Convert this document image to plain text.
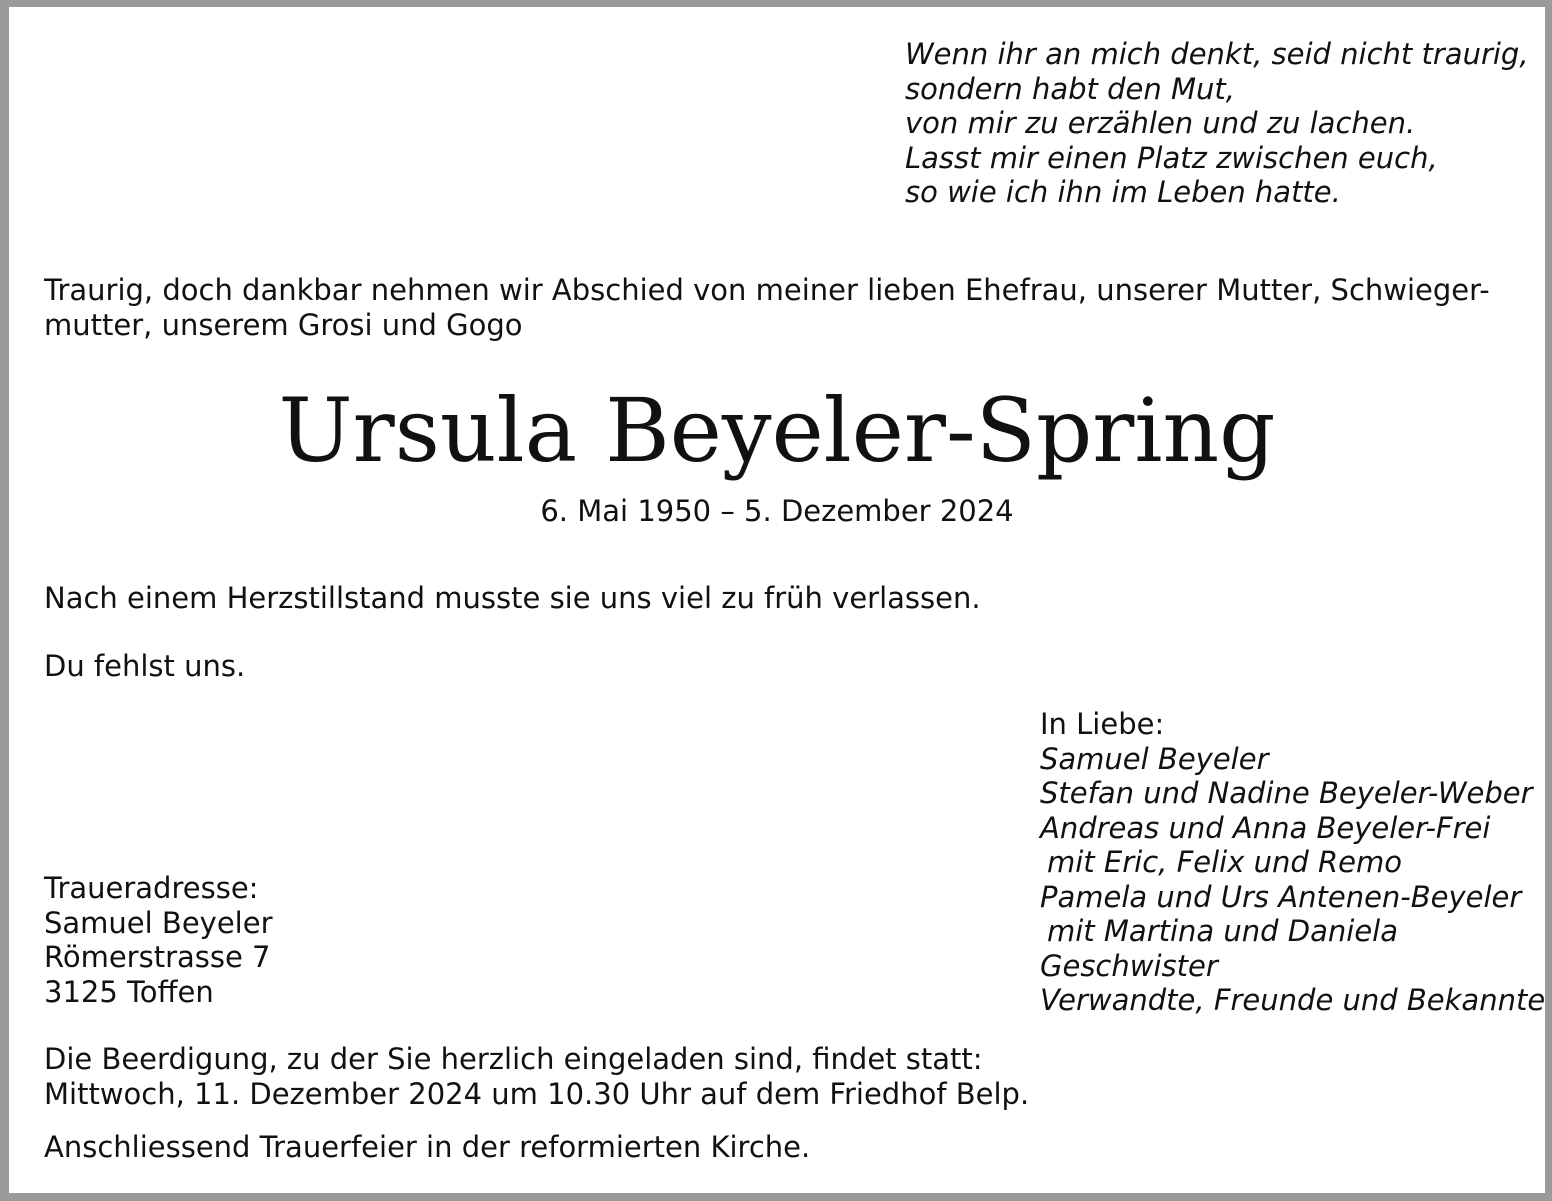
Wenn ihr an mich denkt, seid nicht traurig,
sondern habt den Mut,
von mir zu erzählen und zu lachen.
Lasst mir einen Platz zwischen euch,
so wie ich ihn im Leben hatte.
Traurig, doch dankbar nehmen wir Abschied von meiner lieben Ehefrau, unserer Mutter, Schwieger-
mutter, unserem Grosi und Gogo
Ursula Beyeler-Spring
6. Mai 1950 – 5. Dezember 2024
Nach einem Herzstillstand musste sie uns viel zu früh verlassen.
Du fehlst uns.
In Liebe:
Samuel Beyeler
Stefan und Nadine Beyeler-Weber
Andreas und Anna Beyeler-Frei
mit Eric, Felix und Remo
Pamela und Urs Antenen-Beyeler
mit Martina und Daniela
Geschwister
Verwandte, Freunde und Bekannte
Traueradresse:
Samuel Beyeler
Römerstrasse 7
3125 Toffen
Die Beerdigung, zu der Sie herzlich eingeladen sind, findet statt:
Mittwoch, 11. Dezember 2024 um 10.30 Uhr auf dem Friedhof Belp.
Anschliessend Trauerfeier in der reformierten Kirche.
